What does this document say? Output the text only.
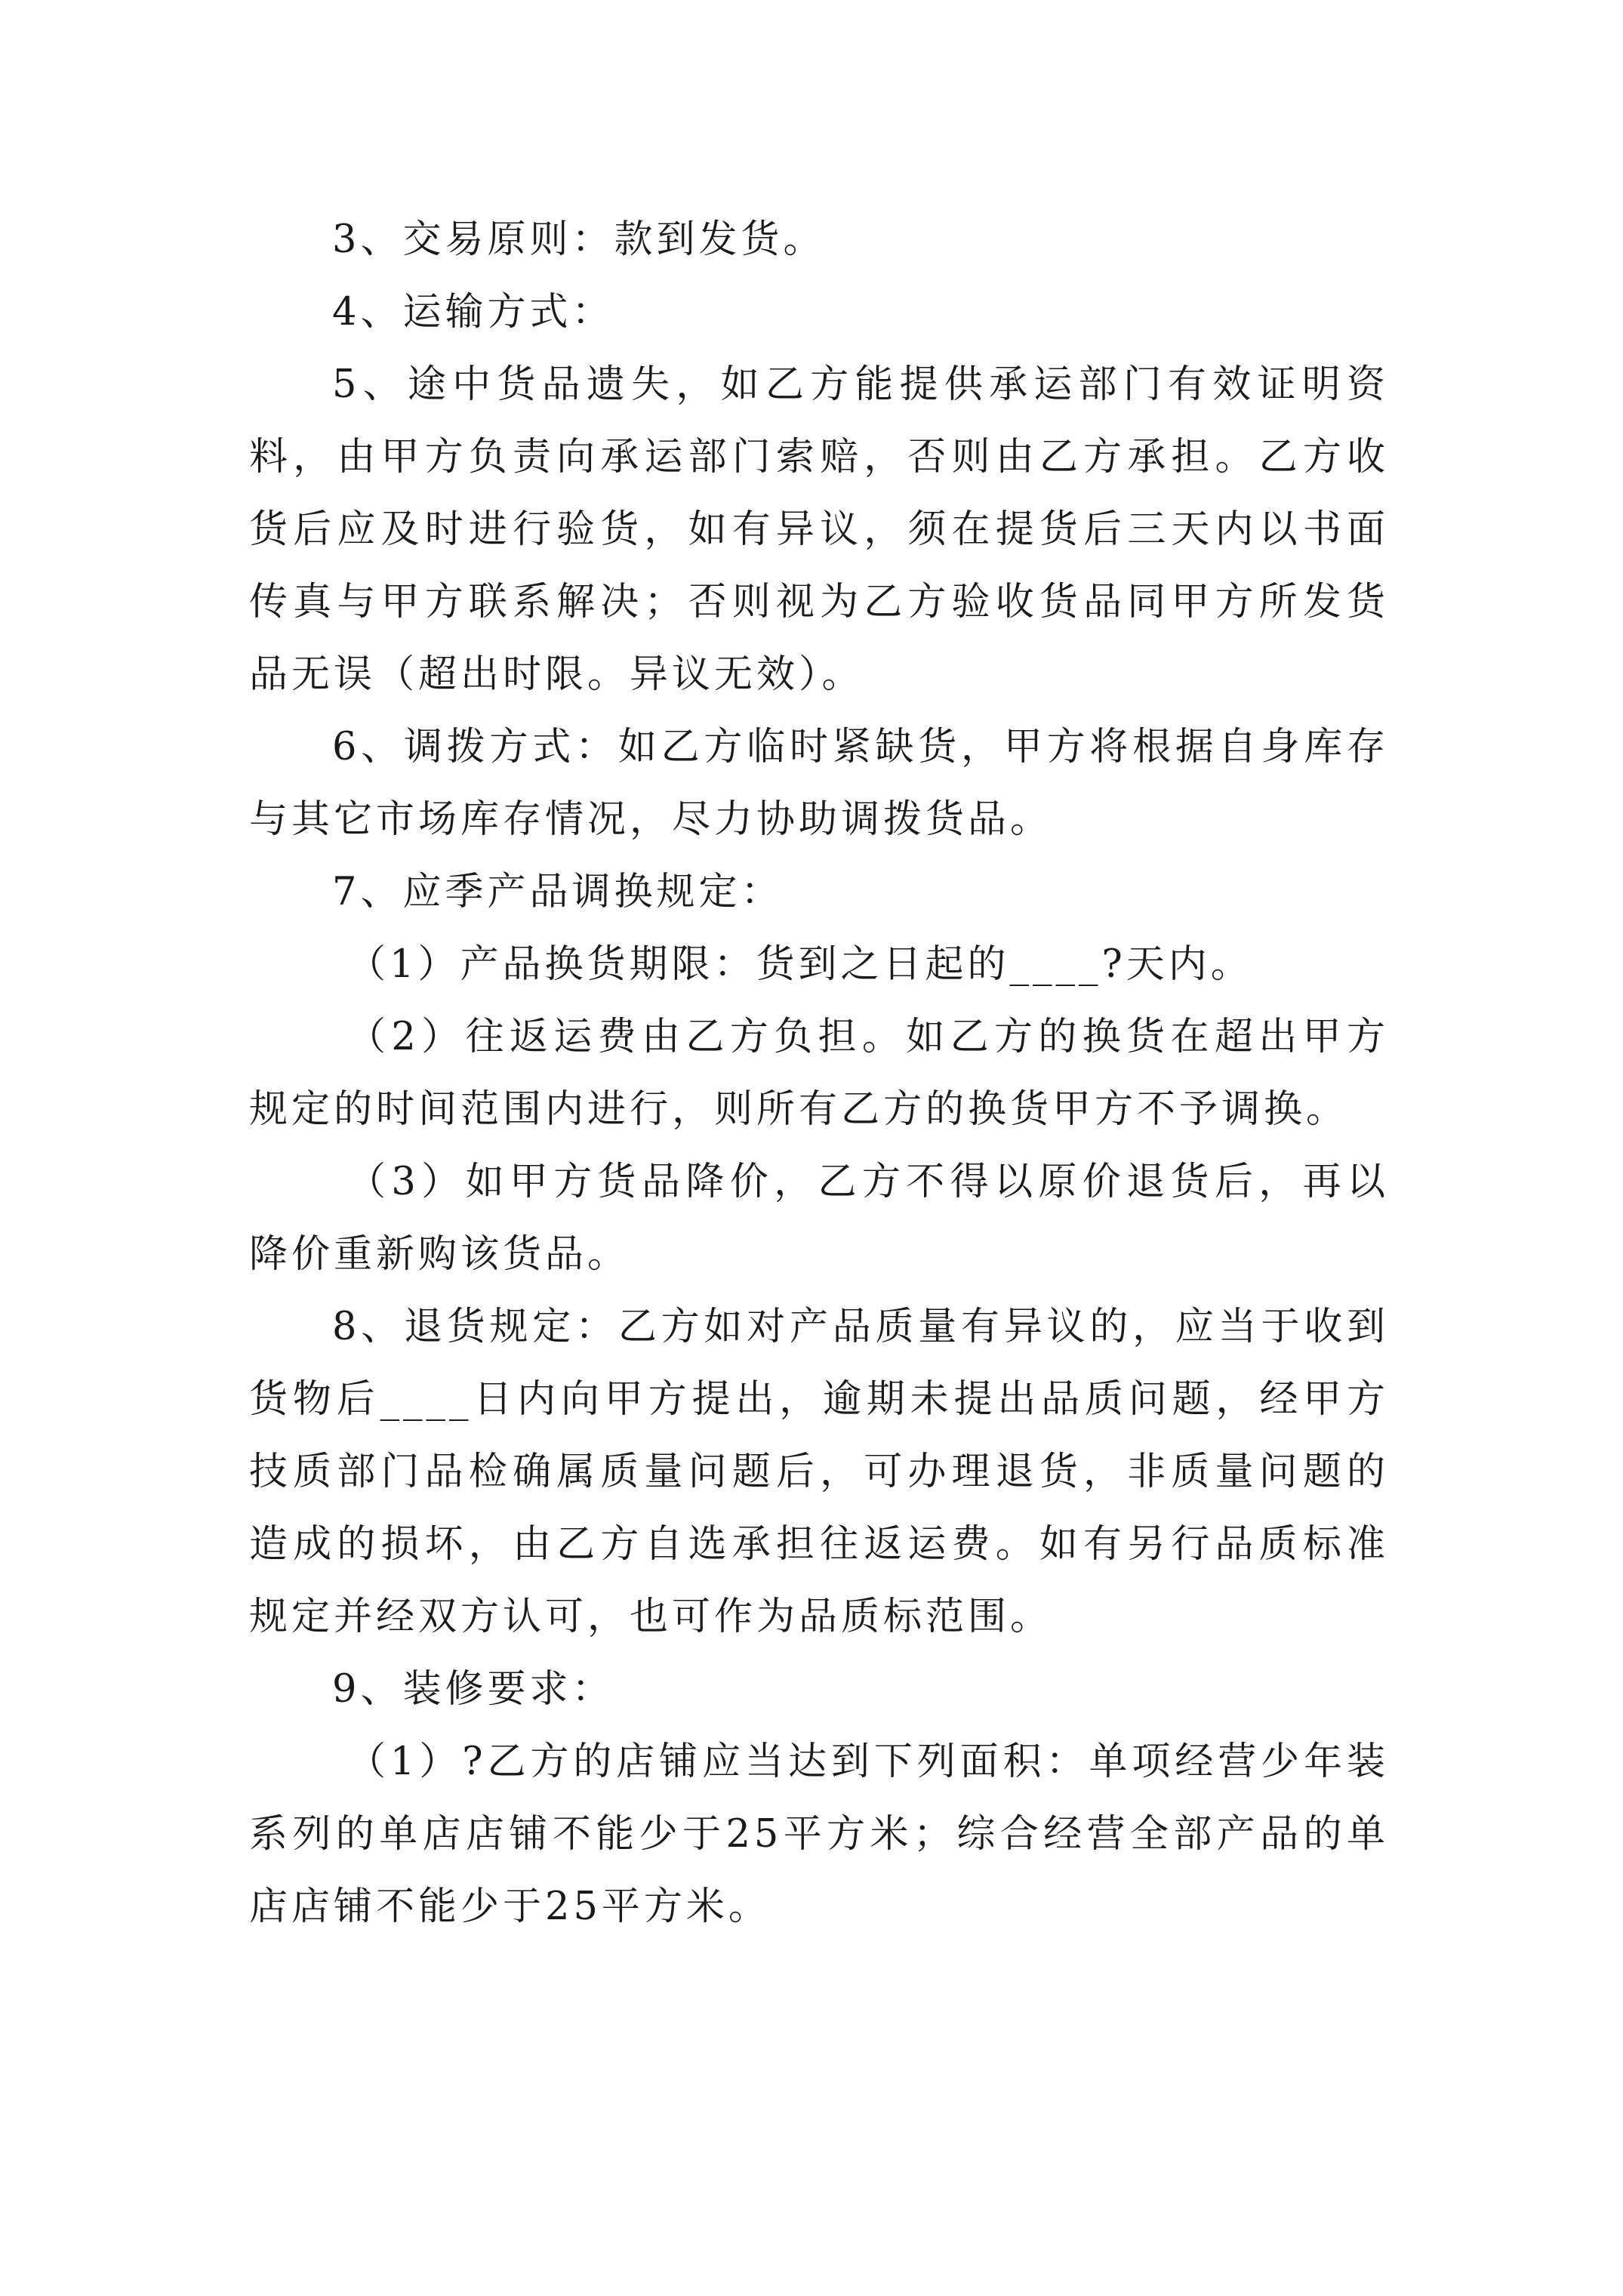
3、交易原则：款到发货。

4、运输方式：

5、途中货品遗失，如乙方能提供承运部门有效证明资料，由甲方负责向承运部门索赔，否则由乙方承担。乙方收货后应及时进行验货，如有异议，须在提货后三天内以书面传真与甲方联系解决；否则视为乙方验收货品同甲方所发货品无误（超出时限。异议无效）。

6、调拨方式：如乙方临时紧缺货，甲方将根据自身库存与其它市场库存情况，尽力协助调拨货品。

7、应季产品调换规定：

（1）产品换货期限：货到之日起的____?天内。

（2）往返运费由乙方负担。如乙方的换货在超出甲方规定的时间范围内进行，则所有乙方的换货甲方不予调换。

（3）如甲方货品降价，乙方不得以原价退货后，再以降价重新购该货品。

8、退货规定：乙方如对产品质量有异议的，应当于收到货物后____日内向甲方提出，逾期未提出品质问题，经甲方技质部门品检确属质量问题后，可办理退货，非质量问题的造成的损坏，由乙方自选承担往返运费。如有另行品质标准规定并经双方认可，也可作为品质标范围。

9、装修要求：

（1）?乙方的店铺应当达到下列面积：单项经营少年装系列的单店店铺不能少于25平方米；综合经营全部产品的单店店铺不能少于25平方米。
